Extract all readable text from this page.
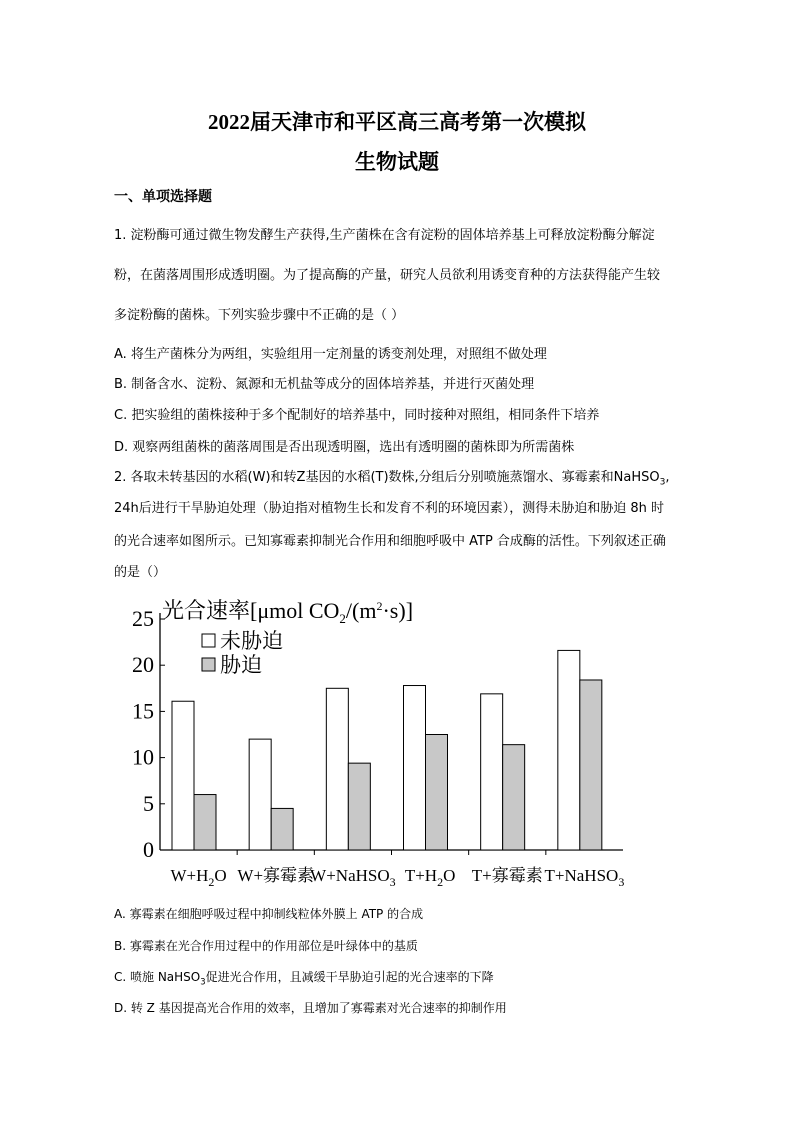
2022届天津市和平区高三高考第一次模拟
生物试题
一、单项选择题
1. 淀粉酶可通过微生物发酵生产获得,生产菌株在含有淀粉的固体培养基上可释放淀粉酶分解淀
粉，在菌落周围形成透明圈。为了提高酶的产量，研究人员欲利用诱变育种的方法获得能产生较
多淀粉酶的菌株。下列实验步骤中不正确的是（ ）
A. 将生产菌株分为两组，实验组用一定剂量的诱变剂处理，对照组不做处理
B. 制备含水、淀粉、氮源和无机盐等成分的固体培养基，并进行灭菌处理
C. 把实验组的菌株接种于多个配制好的培养基中，同时接种对照组，相同条件下培养
D. 观察两组菌株的菌落周围是否出现透明圈，选出有透明圈的菌株即为所需菌株
2. 各取未转基因的水稻(W)和转Z基因的水稻(T)数株,分组后分别喷施蒸馏水、寡霉素和NaHSO$_3$,
24h后进行干旱胁迫处理（胁迫指对植物生长和发育不利的环境因素），测得未胁迫和胁迫 8h 时
的光合速率如图所示。已知寡霉素抑制光合作用和细胞呼吸中 ATP 合成酶的活性。下列叙述正确
的是（）
0
5
10
15
20
25
$W+H_2O$ W+寡霉素
W+NaHSO$_3$ $T+H_2O$ T+寡霉素 T+NaHSO$_3$
光合速率[μmol $CO_2/(m^2\cdot s)$]
未胁迫
胁迫
A. 寡霉素在细胞呼吸过程中抑制线粒体外膜上 ATP 的合成
B. 寡霉素在光合作用过程中的作用部位是叶绿体中的基质
C. 喷施 NaHSO$_3$促进光合作用，且减缓干旱胁迫引起的光合速率的下降
D. 转 Z 基因提高光合作用的效率，且增加了寡霉素对光合速率的抑制作用
